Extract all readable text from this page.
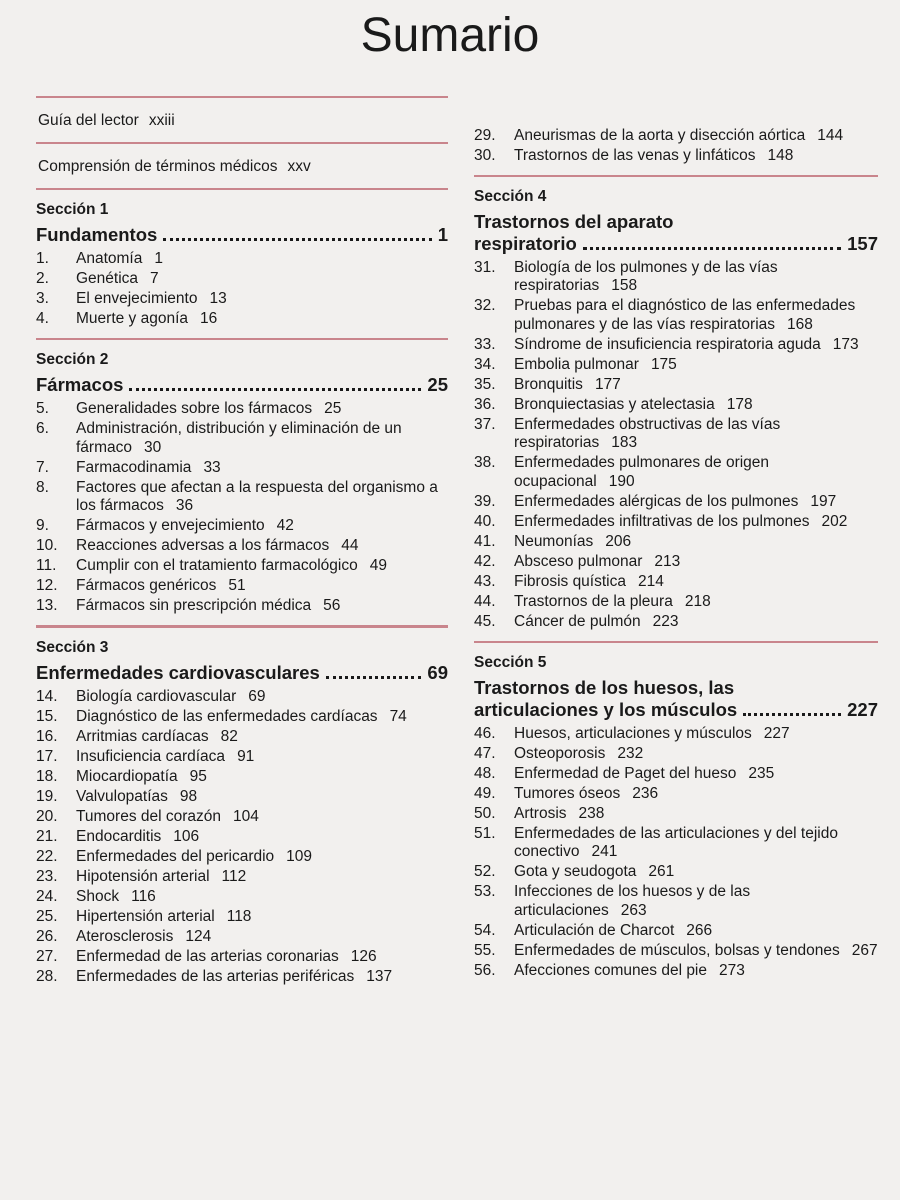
Sumario
Guía del lector xxiii
Comprensión de términos médicos xxv
Sección 1
Fundamentos	1
1.	Anatomía 1
2.	Genética 7
3.	El envejecimiento 13
4.	Muerte y agonía 16
Sección 2
Fármacos	25
5.	Generalidades sobre los fármacos 25
6.	Administración, distribución y eliminación de un fármaco 30
7.	Farmacodinamia 33
8.	Factores que afectan a la respuesta del organismo a los fármacos 36
9.	Fármacos y envejecimiento 42
10.	Reacciones adversas a los fármacos 44
11.	Cumplir con el tratamiento farmacológico 49
12.	Fármacos genéricos 51
13.	Fármacos sin prescripción médica 56
Sección 3
Enfermedades cardiovasculares	69
14.	Biología cardiovascular 69
15.	Diagnóstico de las enfermedades cardíacas 74
16.	Arritmias cardíacas 82
17.	Insuficiencia cardíaca 91
18.	Miocardiopatía 95
19.	Valvulopatías 98
20.	Tumores del corazón 104
21.	Endocarditis 106
22.	Enfermedades del pericardio 109
23.	Hipotensión arterial 112
24.	Shock 116
25.	Hipertensión arterial 118
26.	Aterosclerosis 124
27.	Enfermedad de las arterias coronarias 126
28.	Enfermedades de las arterias periféricas 137
29.	Aneurismas de la aorta y disección aórtica 144
30.	Trastornos de las venas y linfáticos 148
Sección 4
Trastornos del aparato
respiratorio	157
31.	Biología de los pulmones y de las vías respiratorias 158
32.	Pruebas para el diagnóstico de las enfermedades pulmonares y de las vías respiratorias 168
33.	Síndrome de insuficiencia respiratoria aguda 173
34.	Embolia pulmonar 175
35.	Bronquitis 177
36.	Bronquiectasias y atelectasia 178
37.	Enfermedades obstructivas de las vías respiratorias 183
38.	Enfermedades pulmonares de origen ocupacional 190
39.	Enfermedades alérgicas de los pulmones 197
40.	Enfermedades infiltrativas de los pulmones 202
41.	Neumonías 206
42.	Absceso pulmonar 213
43.	Fibrosis quística 214
44.	Trastornos de la pleura 218
45.	Cáncer de pulmón 223
Sección 5
Trastornos de los huesos, las
articulaciones y los músculos	227
46.	Huesos, articulaciones y músculos 227
47.	Osteoporosis 232
48.	Enfermedad de Paget del hueso 235
49.	Tumores óseos 236
50.	Artrosis 238
51.	Enfermedades de las articulaciones y del tejido conectivo 241
52.	Gota y seudogota 261
53.	Infecciones de los huesos y de las articulaciones 263
54.	Articulación de Charcot 266
55.	Enfermedades de músculos, bolsas y tendones 267
56.	Afecciones comunes del pie 273
